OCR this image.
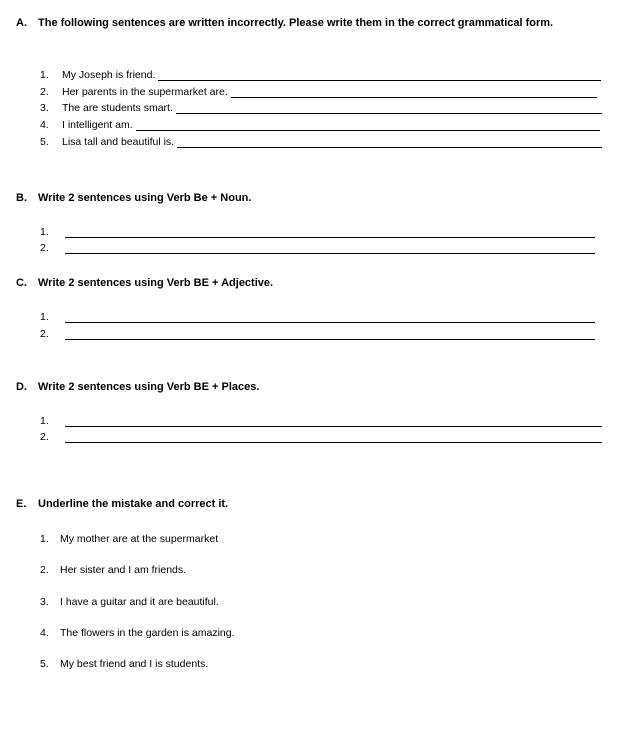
A. The following sentences are written incorrectly. Please write them in the correct grammatical form.
1.	My Joseph is friend.
2.	Her parents in the supermarket are.
3.	The are students smart.
4.	I intelligent am.
5.	Lisa tall and beautiful is.
B. Write 2 sentences using Verb Be + Noun.
1.
2.
C. Write 2 sentences using Verb BE + Adjective.
1.
2.
D. Write 2 sentences using Verb BE + Places.
1.
2.
E. Underline the mistake and correct it.
1. My mother are at the supermarket
2. Her sister and I am friends.
3. I have a guitar and it are beautiful.
4. The flowers in the garden is amazing.
5. My best friend and I is students.
